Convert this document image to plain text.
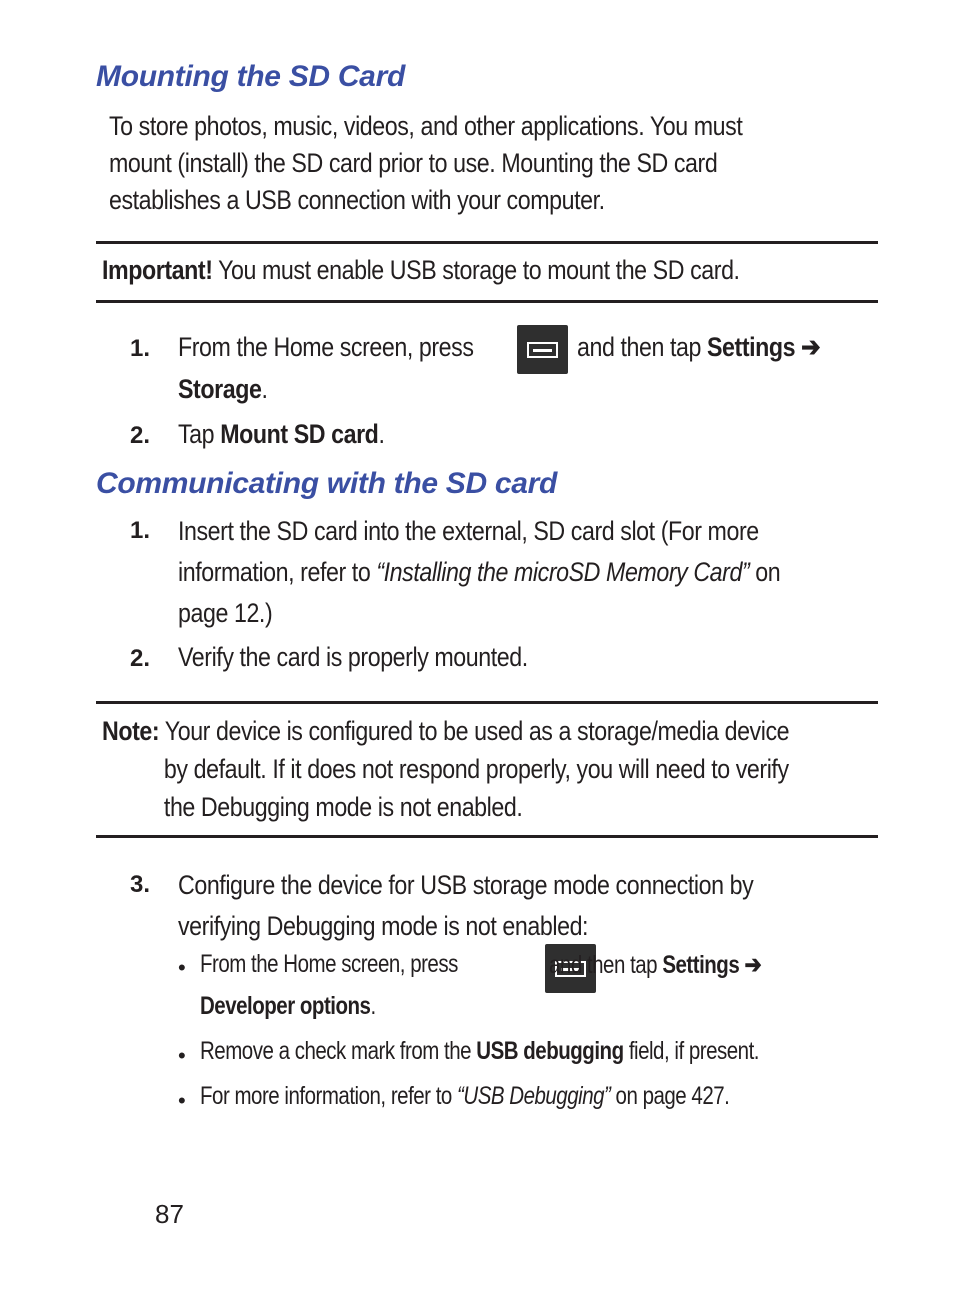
Mounting the SD Card
To store photos, music, videos, and other applications. You must
mount (install) the SD card prior to use. Mounting the SD card
establishes a USB connection with your computer.
Important! You must enable USB storage to mount the SD card.
1. From the Home screen, press
	and then tap Settings ➔
Storage.
2. Tap Mount SD card.
Communicating with the SD card
1. Insert the SD card into the external, SD card slot (For more
information, refer to “Installing the microSD Memory Card” on
page 12.)
2. Verify the card is properly mounted.
Note: Your device is configured to be used as a storage/media device
by default. If it does not respond properly, you will need to verify
the Debugging mode is not enabled.
3. Configure the device for USB storage mode connection by
verifying Debugging mode is not enabled:
• From the Home screen, press	and then tap Settings ➔
Developer options.
• Remove a check mark from the USB debugging field, if present.
• For more information, refer to “USB Debugging” on page 427.
87
